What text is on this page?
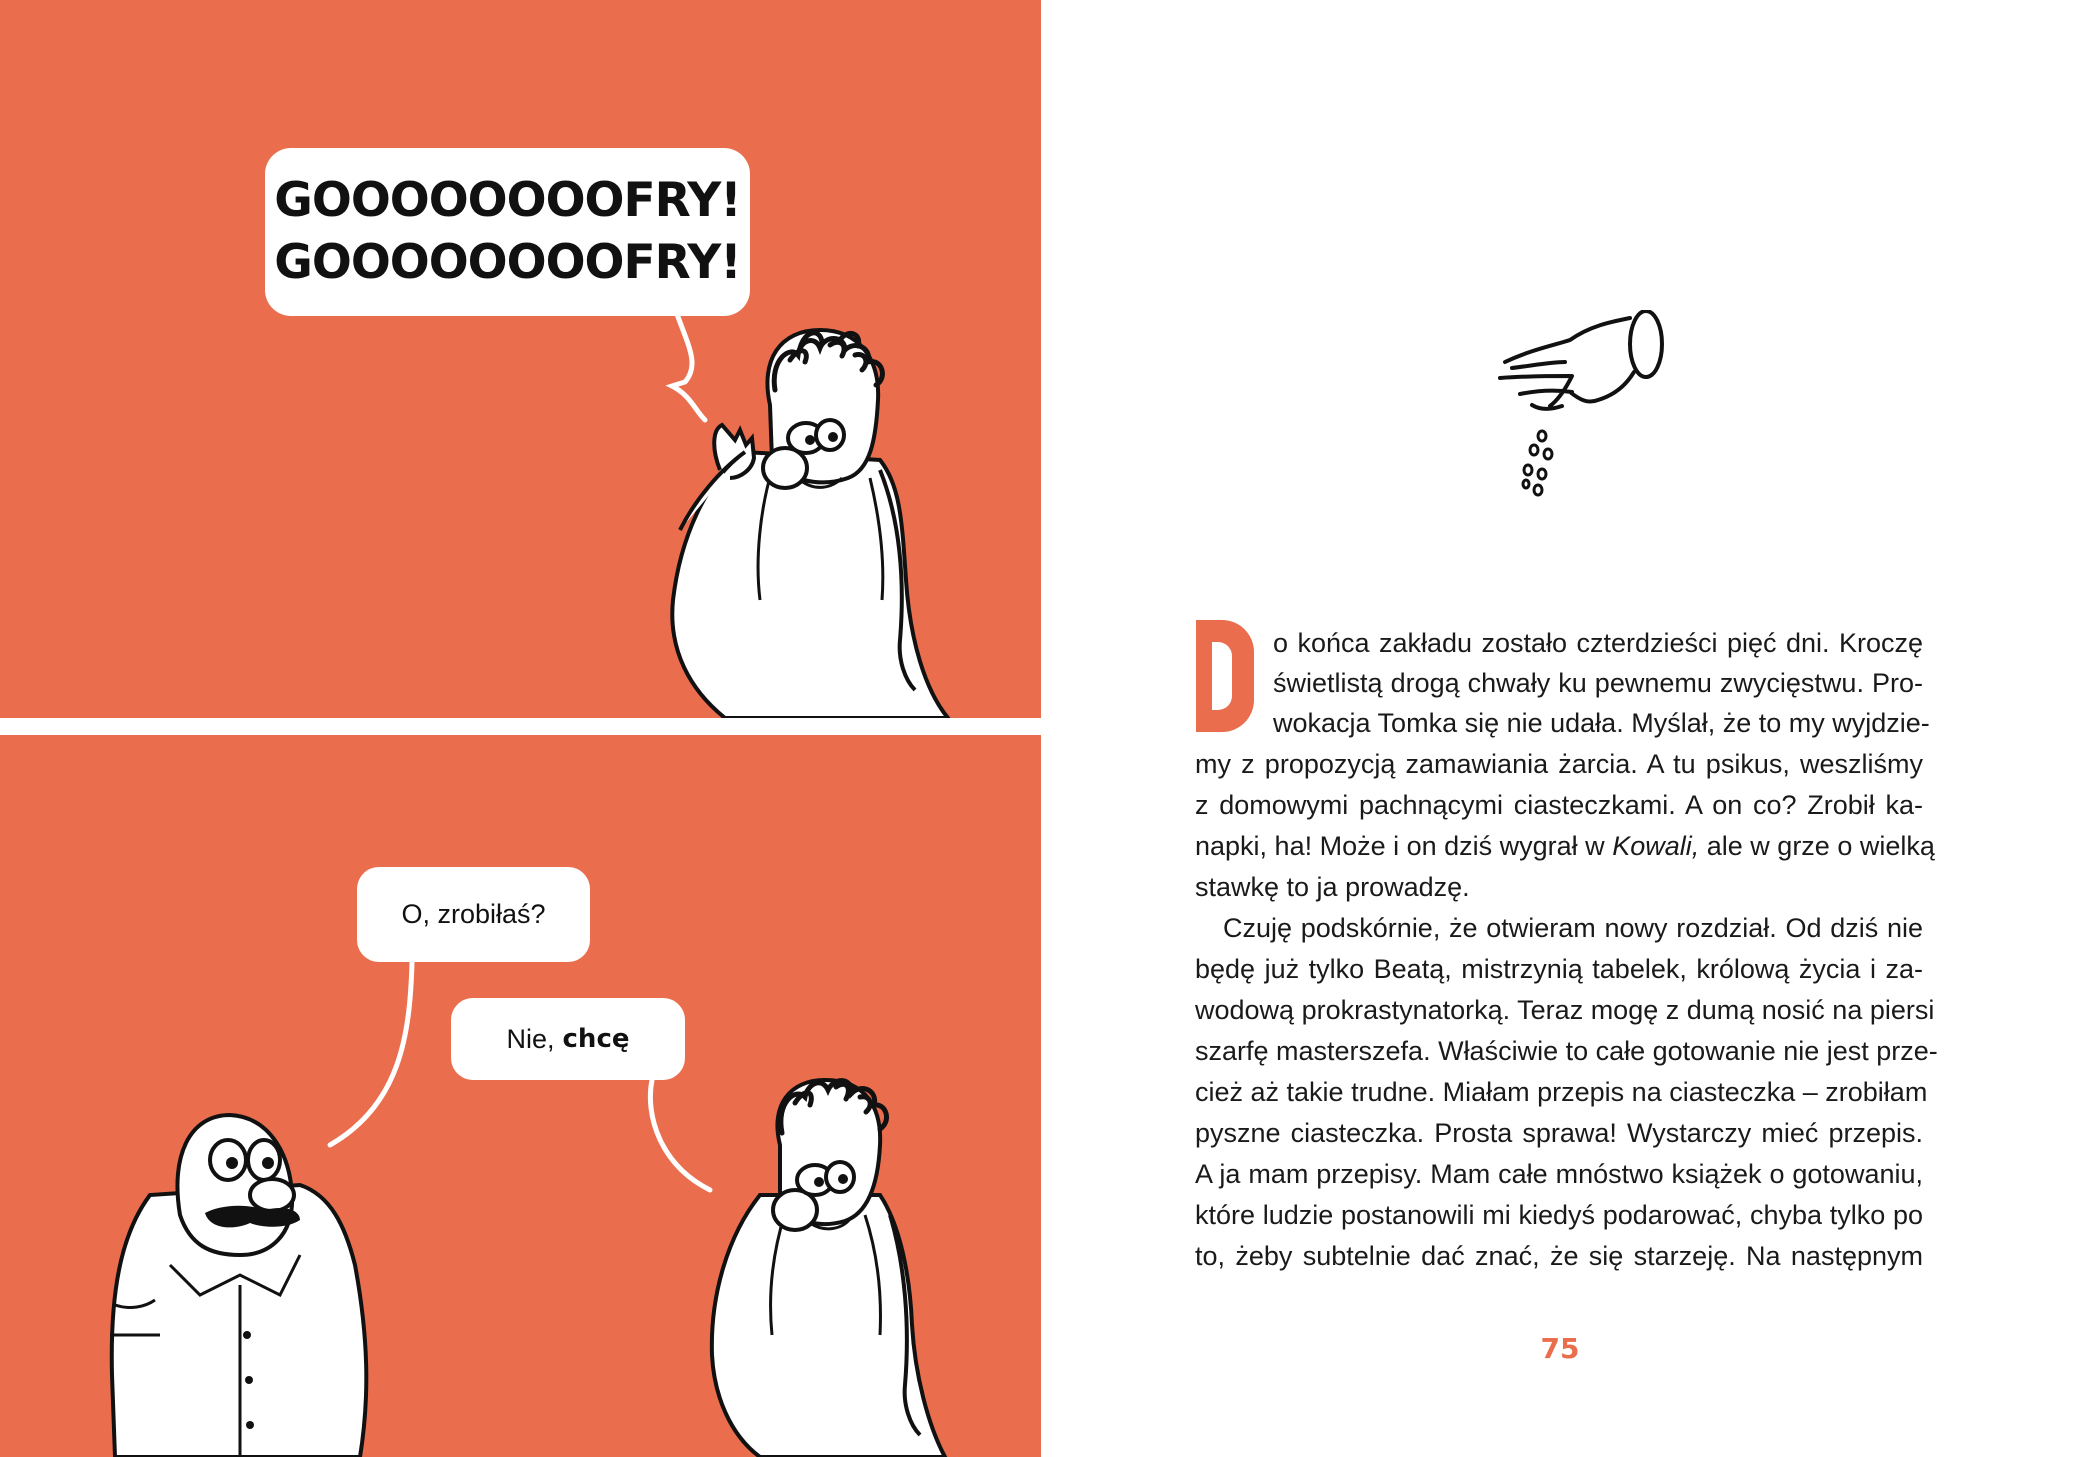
GOOOOOOOOFRY!
GOOOOOOOOFRY!
O, zrobiłaś?
Nie, chcę
o końca zakładu zostało czterdzieści pięć dni. Kroczę
świetlistą drogą chwały ku pewnemu zwycięstwu. Pro-
wokacja Tomka się nie udała. Myślał, że to my wyjdzie-
my z propozycją zamawiania żarcia. A tu psikus, weszliśmy
z domowymi pachnącymi ciasteczkami. A on co? Zrobił ka-
napki, ha! Może i on dziś wygrał w Kowali, ale w grze o wielką
stawkę to ja prowadzę.
Czuję podskórnie, że otwieram nowy rozdział. Od dziś nie
będę już tylko Beatą, mistrzynią tabelek, królową życia i za-
wodową prokrastynatorką. Teraz mogę z dumą nosić na piersi
szarfę masterszefa. Właściwie to całe gotowanie nie jest prze-
cież aż takie trudne. Miałam przepis na ciasteczka – zrobiłam
pyszne ciasteczka. Prosta sprawa! Wystarczy mieć przepis.
A ja mam przepisy. Mam całe mnóstwo książek o gotowaniu,
które ludzie postanowili mi kiedyś podarować, chyba tylko po
to, żeby subtelnie dać znać, że się starzeję. Na następnym
75
